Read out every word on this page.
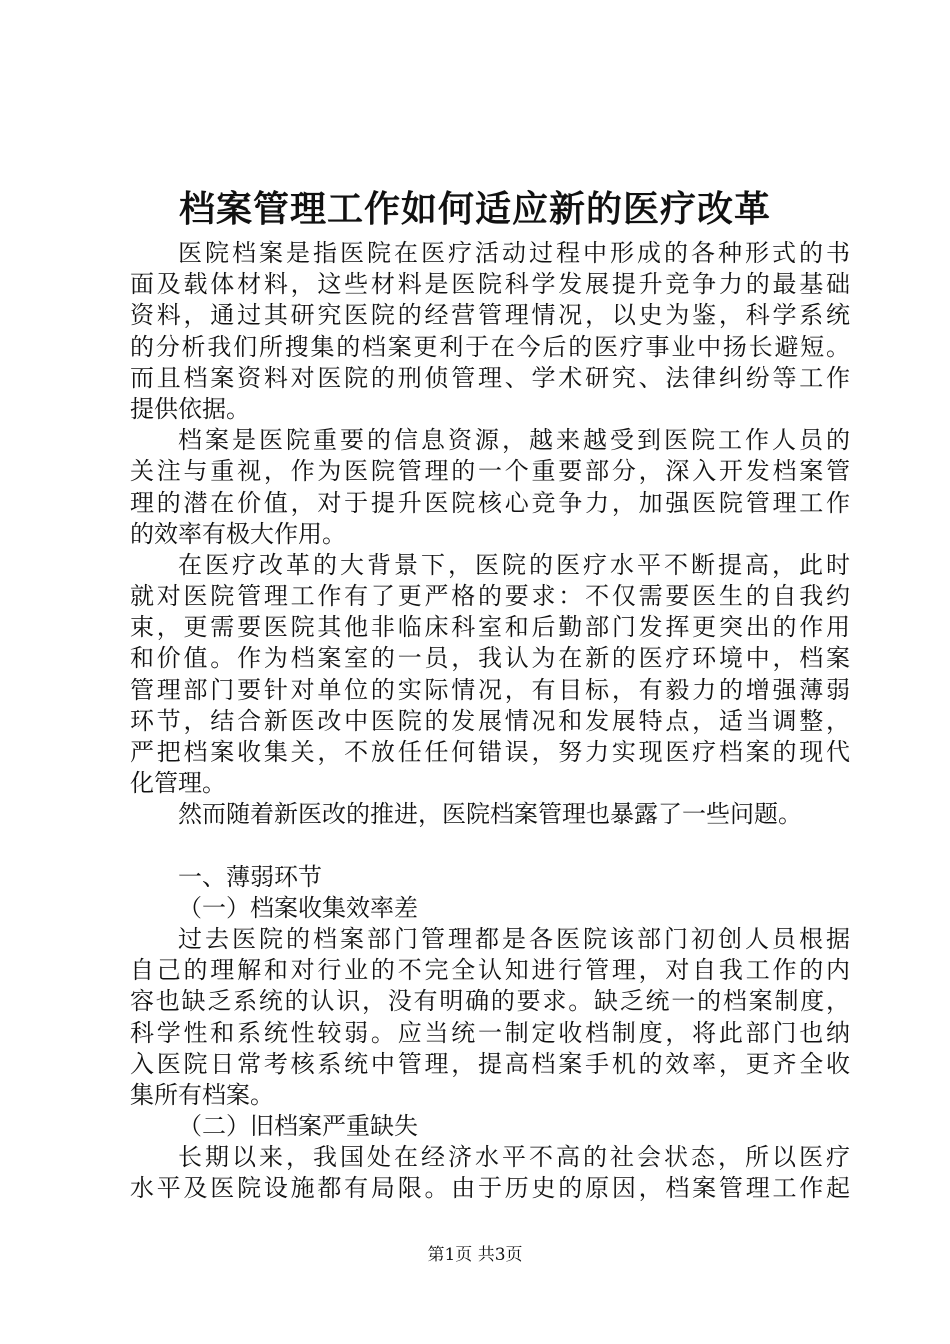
档案管理工作如何适应新的医疗改革
医院档案是指医院在医疗活动过程中形成的各种形式的书
面及载体材料，这些材料是医院科学发展提升竞争力的最基础
资料，通过其研究医院的经营管理情况，以史为鉴，科学系统
的分析我们所搜集的档案更利于在今后的医疗事业中扬长避短。
而且档案资料对医院的刑侦管理、学术研究、法律纠纷等工作
提供依据。
档案是医院重要的信息资源，越来越受到医院工作人员的
关注与重视，作为医院管理的一个重要部分，深入开发档案管
理的潜在价值，对于提升医院核心竞争力，加强医院管理工作
的效率有极大作用。
在医疗改革的大背景下，医院的医疗水平不断提高，此时
就对医院管理工作有了更严格的要求：不仅需要医生的自我约
束，更需要医院其他非临床科室和后勤部门发挥更突出的作用
和价值。作为档案室的一员，我认为在新的医疗环境中，档案
管理部门要针对单位的实际情况，有目标，有毅力的增强薄弱
环节，结合新医改中医院的发展情况和发展特点，适当调整，
严把档案收集关，不放任任何错误，努力实现医疗档案的现代
化管理。
然而随着新医改的推进，医院档案管理也暴露了一些问题。
一、薄弱环节
（一）档案收集效率差
过去医院的档案部门管理都是各医院该部门初创人员根据
自己的理解和对行业的不完全认知进行管理，对自我工作的内
容也缺乏系统的认识，没有明确的要求。缺乏统一的档案制度，
科学性和系统性较弱。应当统一制定收档制度，将此部门也纳
入医院日常考核系统中管理，提高档案手机的效率，更齐全收
集所有档案。
（二）旧档案严重缺失
长期以来，我国处在经济水平不高的社会状态，所以医疗
水平及医院设施都有局限。由于历史的原因，档案管理工作起
第1页 共3页
